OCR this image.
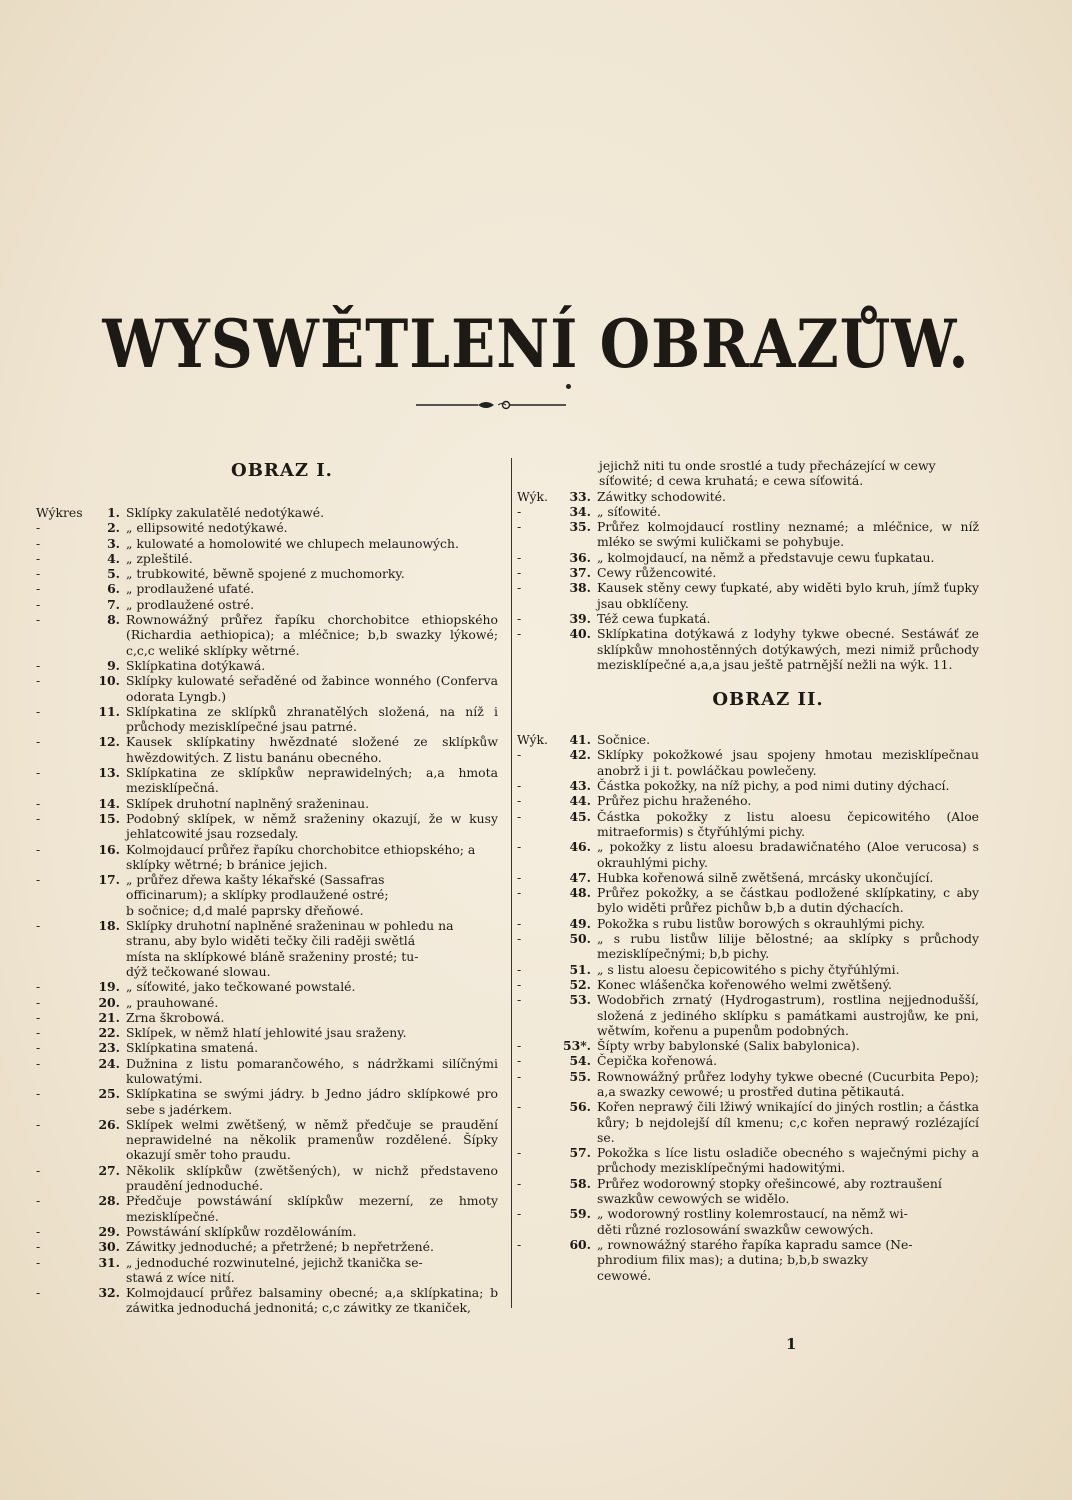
WYSWĚTLENÍ OBRAZŮW.
OBRAZ I.
Wýkres	1. Sklípky zakulatělé nedotýkawé.
-	2. „ ellipsowité nedotýkawé.
-	3. „ kulowaté a homolowité we chlupech melaunowých.
-	4. „ zpleštilé.
-	5. „ trubkowité, běwně spojené z muchomorky.
-	6. „ prodlaužené ufaté.
-	7. „ prodlaužené ostré.
-	8. Rownowážný průřez řapíku chorchobitce ethiopského (Richardia aethiopica); a mléčnice; b,b swazky lýkowé; c,c,c weliké sklípky wětrné.
-	9. Sklípkatina dotýkawá.
-	10. Sklípky kulowaté seřaděné od žabince wonného (Conferva odorata Lyngb.)
-	11. Sklípkatina ze sklípků zhranatělých složená, na níž i průchody mezisklípečné jsau patrné.
-	12. Kausek sklípkatiny hwězdnaté složené ze sklípkůw hwězdowitých. Z listu banánu obecného.
-	13. Sklípkatina ze sklípkůw neprawidelných; a,a hmota mezisklípečná.
-	14. Sklípek druhotní naplněný sraženinau.
-	15. Podobný sklípek, w němž sraženiny okazují, že w kusy jehlatcowité jsau rozsedaly.
-	16. Kolmojdaucí průřez řapíku chorchobitce ethiopského; a
sklípky wětrné; b bránice jejich.
-	17. „ průřez dřewa kašty lékařské (Sassafras
officinarum); a sklípky prodlaužené ostré;
b sočnice; d,d malé paprsky dřeňowé.
-	18. Sklípky druhotní naplněné sraženinau w pohledu na
stranu, aby bylo widěti tečky čili raději swětlá
místa na sklípkowé bláně sraženiny prosté; tu-
dýž tečkowané slowau.
-	19. „ síťowité, jako tečkowané powstalé.
-	20. „ prauhowané.
-	21. Zrna škrobowá.
-	22. Sklípek, w němž hlatí jehlowité jsau sraženy.
-	23. Sklípkatina smatená.
-	24. Dužnina z listu pomarančowého, s nádržkami silíčnými kulowatými.
-	25. Sklípkatina se swými jádry. b Jedno jádro sklípkowé pro sebe s jadérkem.
-	26. Sklípek welmi zwětšený, w němž předčuje se praudění neprawidelné na několik pramenůw rozdělené. Šípky okazují směr toho praudu.
-	27. Několik sklípkůw (zwětšených), w nichž představeno praudění jednoduché.
-	28. Předčuje powstáwání sklípkůw mezerní, ze hmoty mezisklípečné.
-	29. Powstáwání sklípkůw rozdělowáním.
-	30. Záwitky jednoduché; a přetržené; b nepřetržené.
-	31. „ jednoduché rozwinutelné, jejichž tkanička se-
stawá z wíce nití.
-	32. Kolmojdaucí průřez balsaminy obecné; a,a sklípkatina; b záwitka jednoduchá jednonitá; c,c záwitky ze tkaniček,
jejichž niti tu onde srostlé a tudy přecházející w cewy síťowité; d cewa kruhatá; e cewa síťowitá.
Wýk.	33. Záwitky schodowité.
-	34. „ síťowité.
-	35. Průřez kolmojdaucí rostliny neznamé; a mléčnice, w níž mléko se swými kuličkami se pohybuje.
-	36. „ kolmojdaucí, na němž a představuje cewu ťupkatau.
-	37. Cewy růžencowité.
-	38. Kausek stěny cewy ťupkaté, aby widěti bylo kruh, jímž ťupky jsau obklíčeny.
-	39. Též cewa ťupkatá.
-	40. Sklípkatina dotýkawá z lodyhy tykwe obecné. Sestáwáť ze sklípkůw mnohostěnných dotýkawých, mezi nimiž průchody mezisklípečné a,a,a jsau ještě patrnější nežli na wýk. 11.
OBRAZ II.
Wýk.	41. Sočnice.
-	42. Sklípky pokožkowé jsau spojeny hmotau mezisklípečnau anobrž i ji t. powláčkau powlečeny.
-	43. Částka pokožky, na níž pichy, a pod nimi dutiny dýchací.
-	44. Průřez pichu hraženého.
-	45. Částka pokožky z listu aloesu čepicowitého (Aloe mitraeformis) s čtyřúhlými pichy.
-	46. „ pokožky z listu aloesu bradawičnatého (Aloe verucosa) s okrauhlými pichy.
-	47. Hubka kořenowá silně zwětšená, mrcásky ukončující.
-	48. Průřez pokožky, a se částkau podložené sklípkatiny, c aby bylo widěti průřez pichůw b,b a dutin dýchacích.
-	49. Pokožka s rubu listůw borowých s okrauhlými pichy.
-	50. „ s rubu listůw lilije bělostné; aa sklípky s průchody mezisklípečnými; b,b pichy.
-	51. „ s listu aloesu čepicowitého s pichy čtyřúhlými.
-	52. Konec wlášenčka kořenowého welmi zwětšený.
-	53. Wodobřich zrnatý (Hydrogastrum), rostlina nejjednodušší, složená z jediného sklípku s památkami austrojůw, ke pni, wětwím, kořenu a pupenům podobných.
-	53*. Šípty wrby babylonské (Salix babylonica).
-	54. Čepička kořenowá.
-	55. Rownowážný průřez lodyhy tykwe obecné (Cucurbita Pepo); a,a swazky cewowé; u prostřed dutina pětikautá.
-	56. Kořen neprawý čili lžiwý wnikající do jiných rostlin; a částka kůry; b nejdolejší díl kmenu; c,c kořen neprawý rozlézající se.
-	57. Pokožka s líce listu osladiče obecného s waječnými pichy a průchody mezisklípečnými hadowitými.
-	58. Průřez wodorowný stopky ořešincowé, aby roztraušení
swazkůw cewowých se widělo.
-	59. „ wodorowný rostliny kolemrostaucí, na němž wi-
děti různé rozlosowání swazkůw cewowých.
-	60. „ rownowážný starého řapíka kapradu samce (Ne-
phrodium filix mas); a dutina; b,b,b swazky
cewowé.
1
